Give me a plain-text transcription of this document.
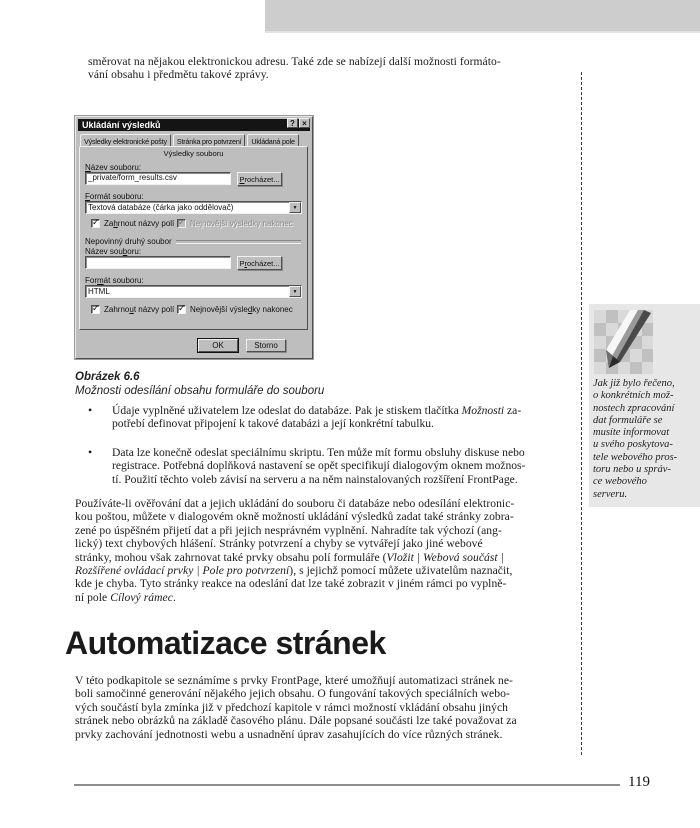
směrovat na nějakou elektronickou adresu. Také zde se nabízejí další možnosti formáto-
vání obsahu i předmětu takové zprávy.
Ukládání výsledků	? ×
Výsledky elektronické pošty	Stránka pro potvrzení	Ukládaná pole
Výsledky souboru
Název souboru:
_private/form_results.csv	P rocházet...
Formát souboru:
Textová databáze (čárka jako oddělovač)	▼
✓ Zahrnout názvy polí ✓ Nejnovější výsledky nakonec
Nepovinný druhý soubor
Název souboru:
P r ocházet...
Formát souboru:
HTML	▼
✓ Zahrnout názvy polí ✓ Nejnovější výsledky nakonec
OK	Storno
Obrázek 6.6
Možnosti odesílání obsahu formuláře do souboru
•	Údaje vyplněné uživatelem lze odeslat do databáze. Pak je stiskem tlačítka Možnosti za-
potřebí definovat připojení k takové databázi a její konkrétní tabulku.
•	Data lze konečně odeslat speciálnímu skriptu. Ten může mít formu obsluhy diskuse nebo
registrace. Potřebná doplňková nastavení se opět specifikují dialogovým oknem možnos-
tí. Použití těchto voleb závisí na serveru a na něm nainstalovaných rozšíření FrontPage.
Používáte-li ověřování dat a jejich ukládání do souboru či databáze nebo odesílání elektronic-
kou poštou, můžete v dialogovém okně možností ukládání výsledků zadat také stránky zobra-
zené po úspěšném přijetí dat a při jejich nesprávném vyplnění. Nahradíte tak výchozí (ang-
lický) text chybových hlášení. Stránky potvrzení a chyby se vytvářejí jako jiné webové
stránky, mohou však zahrnovat také prvky obsahu polí formuláře (Vložit | Webová součást |
Rozšířené ovládací prvky | Pole pro potvrzení), s jejichž pomocí můžete uživatelům naznačit,
kde je chyba. Tyto stránky reakce na odeslání dat lze také zobrazit v jiném rámci po vyplně-
ní pole Cílový rámec.
Automatizace stránek
V této podkapitole se seznámíme s prvky FrontPage, které umožňují automatizaci stránek ne-
boli samočinné generování nějakého jejich obsahu. O fungování takových speciálních webo-
vých součástí byla zmínka již v předchozí kapitole v rámci možností vkládání obsahu jiných
stránek nebo obrázků na základě časového plánu. Dále popsané součásti lze také považovat za
prvky zachování jednotnosti webu a usnadnění úprav zasahujících do více různých stránek.
Jak již bylo řečeno,
o konkrétních mož-
nostech zpracování
dat formuláře se
musíte informovat
u svého poskytova-
tele webového pros-
toru nebo u správ-
ce webového
serveru.
119
